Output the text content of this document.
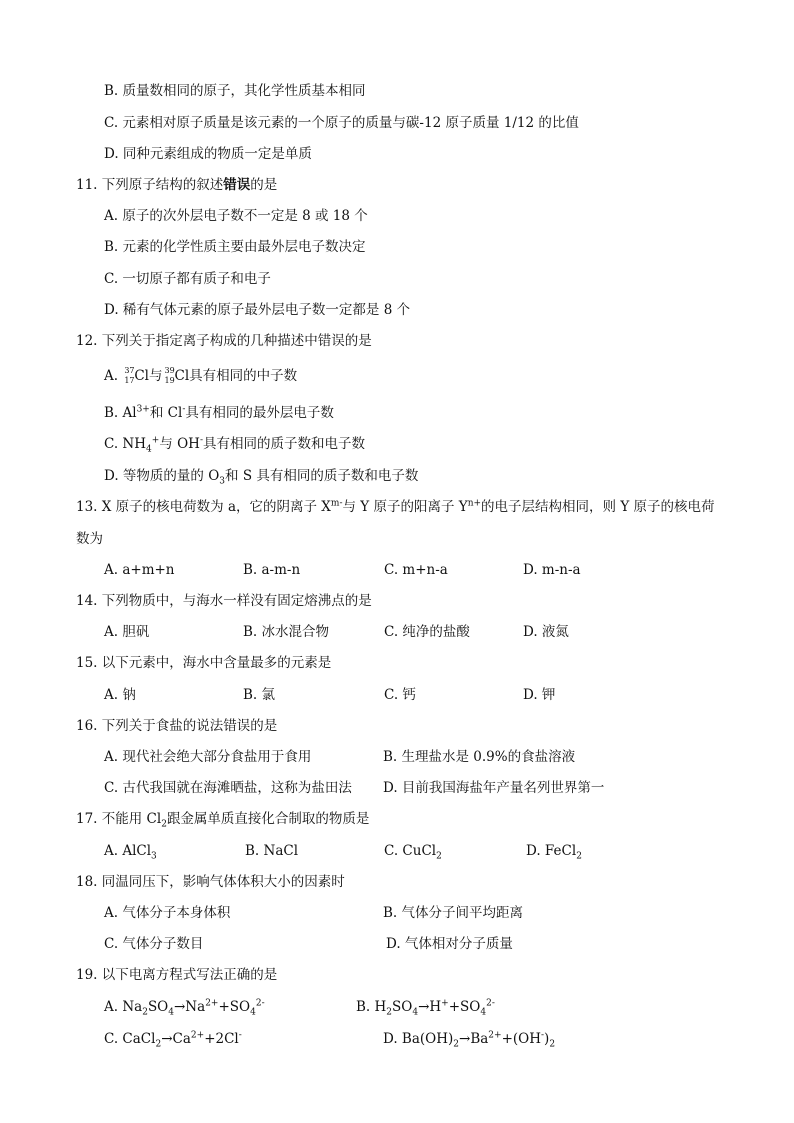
B. 质量数相同的原子，其化学性质基本相同
C. 元素相对原子质量是该元素的一个原子的质量与碳-12 原子质量 1/12 的比值
D. 同种元素组成的物质一定是单质
11. 下列原子结构的叙述错误的是
A. 原子的次外层电子数不一定是 8 或 18 个
B. 元素的化学性质主要由最外层电子数决定
C. 一切原子都有质子和电子
D. 稀有气体元素的原子最外层电子数一定都是 8 个
12. 下列关于指定离子构成的几种描述中错误的是
A. 37
17 Cl与 39
19 Cl具有相同的中子数
B. $Al^{3+}$和 Cl-具有相同的最外层电子数
C. $NH_4^+$与 OH-具有相同的质子数和电子数
D. 等物质的量的 $O_3$和 S 具有相同的质子数和电子数
13. X 原子的核电荷数为 a，它的阴离子 $X^{m-}$与 Y 原子的阳离子 $Y^{n+}$的电子层结构相同，则 Y 原子的核电荷
数为
A. a+m+n	B. a-m-n	C. m+n-a	D. m-n-a
14. 下列物质中，与海水一样没有固定熔沸点的是
A. 胆矾	B. 冰水混合物	C. 纯净的盐酸	D. 液氮
15. 以下元素中，海水中含量最多的元素是
A. 钠	B. 氯	C. 钙	D. 钾
16. 下列关于食盐的说法错误的是
A. 现代社会绝大部分食盐用于食用	B. 生理盐水是 0.9%的食盐溶液
C. 古代我国就在海滩晒盐，这称为盐田法 D. 目前我国海盐年产量名列世界第一
17. 不能用 $Cl_2$跟金属单质直接化合制取的物质是
A. AlCl$_3$	B. NaCl	C. CuCl$_2$	D. FeCl$_2$
18. 同温同压下，影响气体体积大小的因素时
A. 气体分子本身体积	B. 气体分子间平均距离
C. 气体分子数目	D. 气体相对分子质量
19. 以下电离方程式写法正确的是
A. $Na_2SO_4\to Na^{2+}+SO_4^{2-}$	B. $H_2SO_4\to H^++SO_4^{2-}$
C. $CaCl_2\to Ca^{2+}+2Cl^-$	D. $Ba(OH)_2\to Ba^{2+}+(OH^-)_2$
